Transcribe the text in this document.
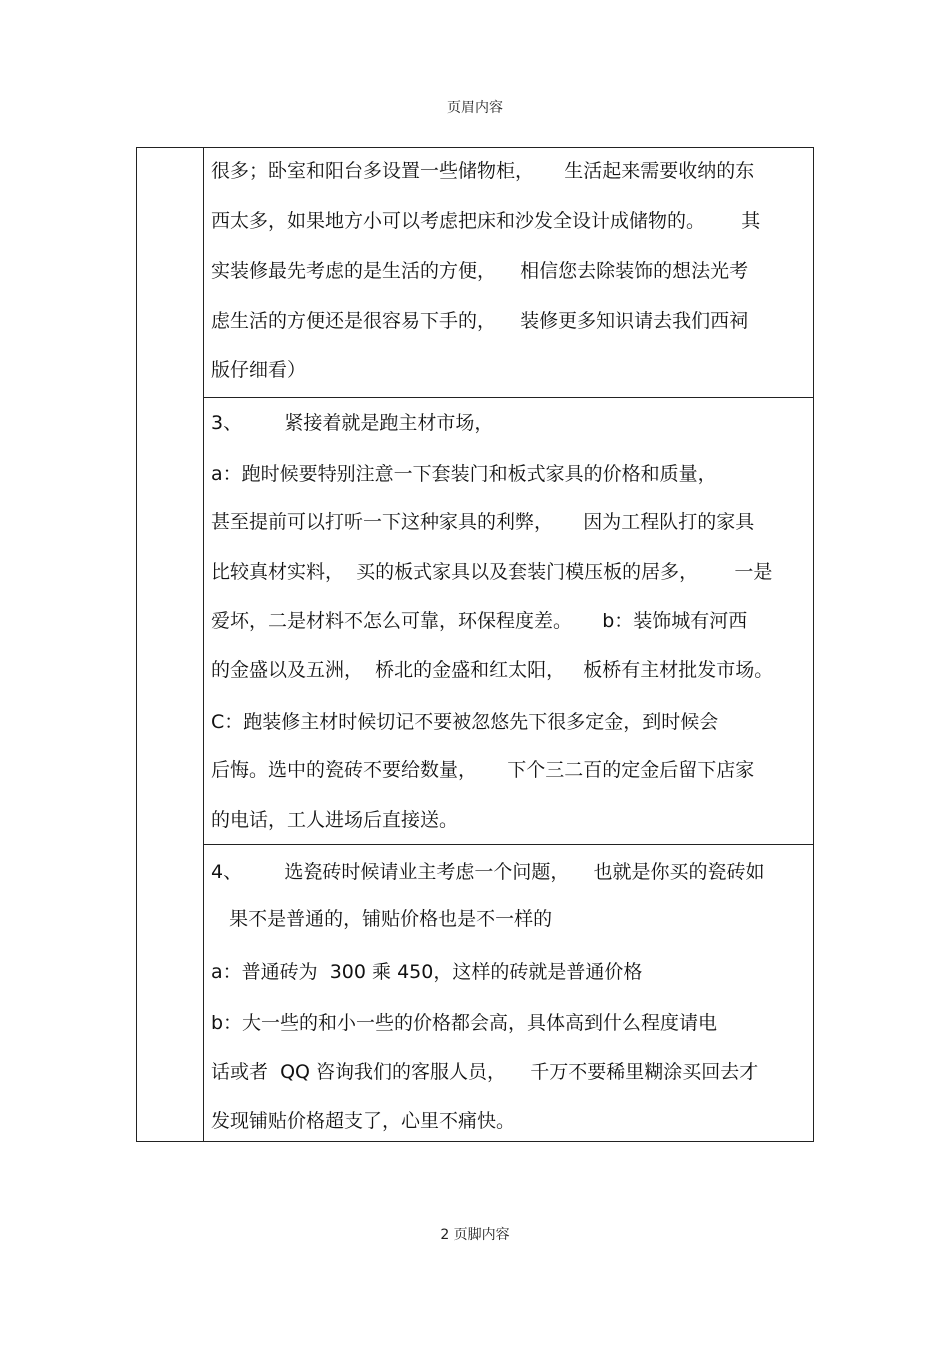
页眉内容
很多；卧室和阳台多设置一些储物柜，     生活起来需要收纳的东
西太多，如果地方小可以考虑把床和沙发全设计成储物的。      其
实装修最先考虑的是生活的方便，    相信您去除装饰的想法光考
虑生活的方便还是很容易下手的，    装修更多知识请去我们西祠
版仔细看）
3、       紧接着就是跑主材市场，
a：跑时候要特别注意一下套装门和板式家具的价格和质量，
甚至提前可以打听一下这种家具的利弊，     因为工程队打的家具
比较真材实料，  买的板式家具以及套装门模压板的居多，      一是
爱坏，二是材料不怎么可靠，环保程度差。     b：装饰城有河西
的金盛以及五洲，  桥北的金盛和红太阳，   板桥有主材批发市场。
C：跑装修主材时候切记不要被忽悠先下很多定金，到时候会
后悔。选中的瓷砖不要给数量，     下个三二百的定金后留下店家
的电话，工人进场后直接送。
4、       选瓷砖时候请业主考虑一个问题，    也就是你买的瓷砖如
果不是普通的，铺贴价格也是不一样的
a：普通砖为  300 乘 450，这样的砖就是普通价格
b：大一些的和小一些的价格都会高，具体高到什么程度请电
话或者  QQ 咨询我们的客服人员，    千万不要稀里糊涂买回去才
发现铺贴价格超支了，心里不痛快。
2 页脚内容
